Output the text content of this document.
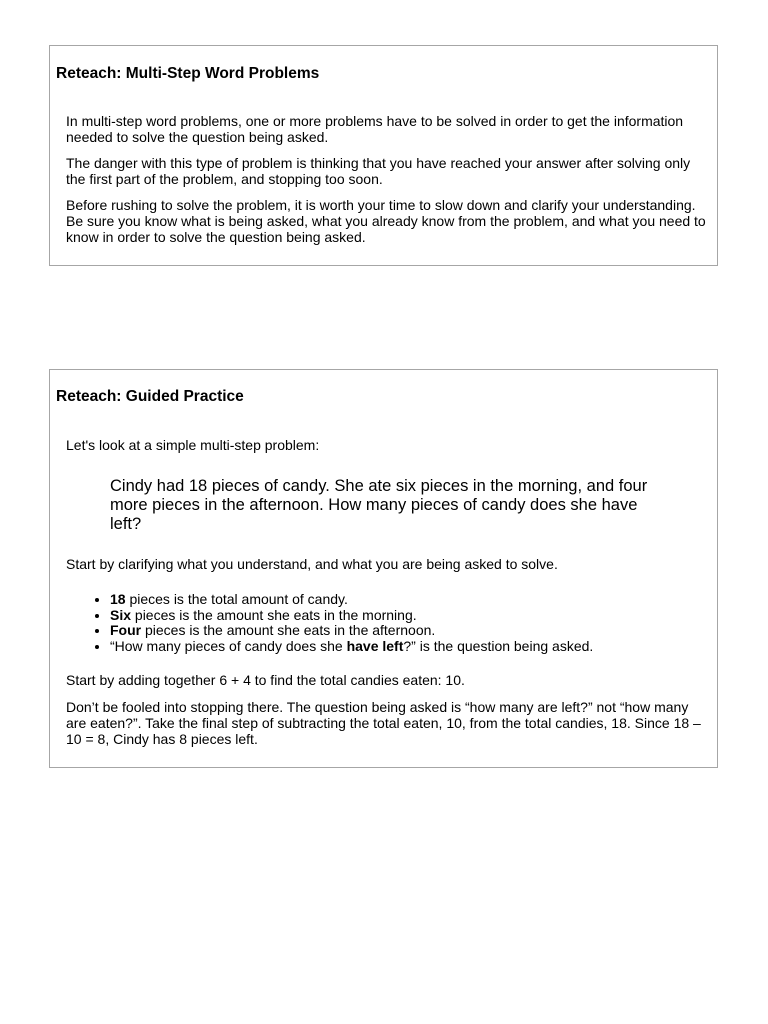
Reteach: Multi-Step Word Problems

In multi-step word problems, one or more problems have to be solved in order to get the information needed to solve the question being asked.

The danger with this type of problem is thinking that you have reached your answer after solving only the first part of the problem, and stopping too soon.

Before rushing to solve the problem, it is worth your time to slow down and clarify your understanding. Be sure you know what is being asked, what you already know from the problem, and what you need to know in order to solve the question being asked.

Reteach: Guided Practice

Let's look at a simple multi-step problem:

Cindy had 18 pieces of candy. She ate six pieces in the morning, and four more pieces in the afternoon. How many pieces of candy does she have left?

Start by clarifying what you understand, and what you are being asked to solve.

• 18 pieces is the total amount of candy.
• Six pieces is the amount she eats in the morning.
• Four pieces is the amount she eats in the afternoon.
• “How many pieces of candy does she have left?” is the question being asked.

Start by adding together 6 + 4 to find the total candies eaten: 10.

Don’t be fooled into stopping there. The question being asked is “how many are left?” not “how many are eaten?”. Take the final step of subtracting the total eaten, 10, from the total candies, 18. Since 18 – 10 = 8, Cindy has 8 pieces left.
